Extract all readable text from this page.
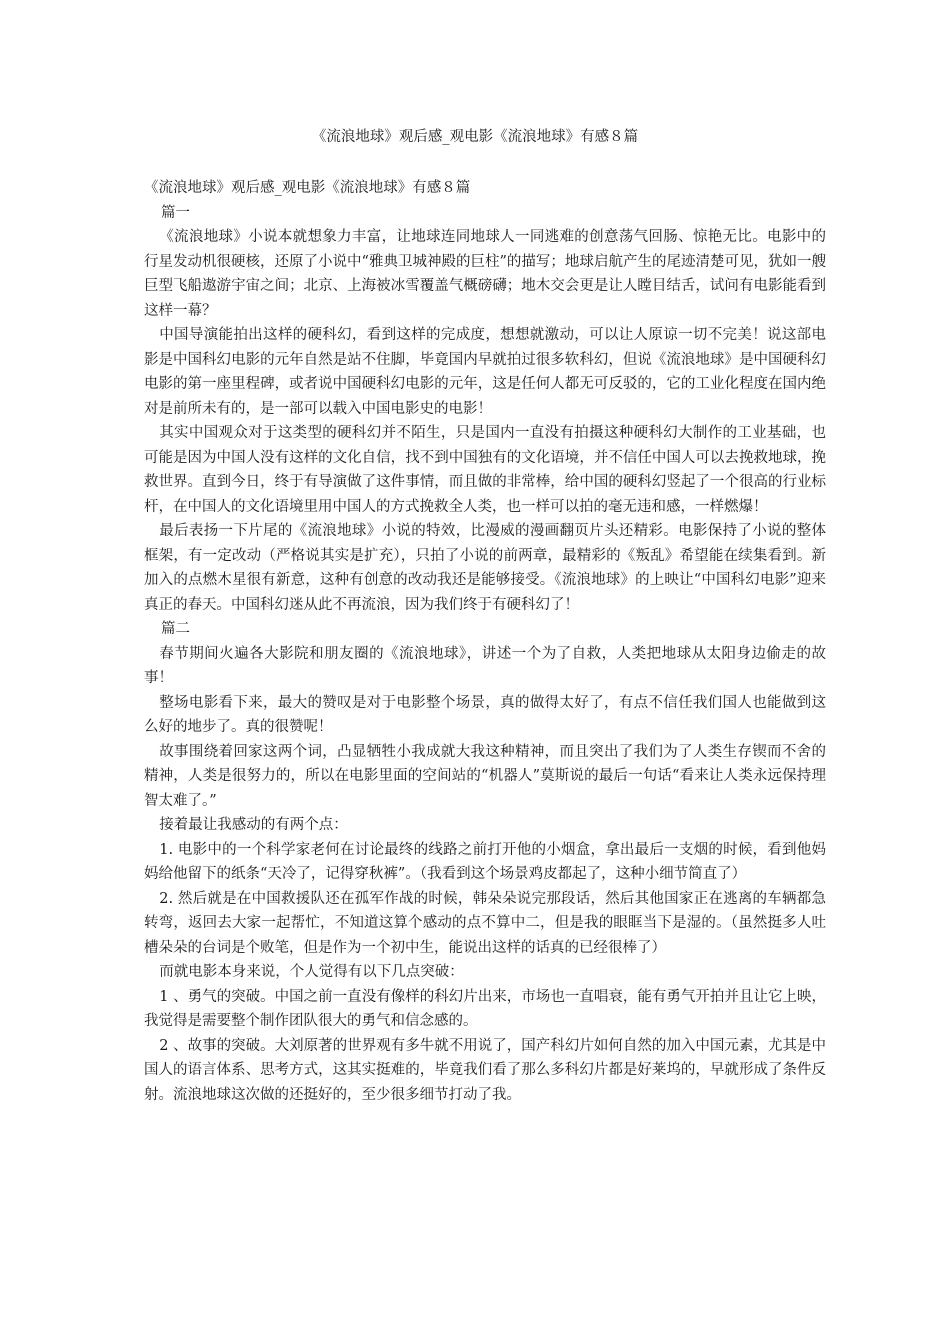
《流浪地球》观后感_观电影《流浪地球》有感８篇

《流浪地球》观后感_观电影《流浪地球》有感８篇

篇一

《流浪地球》小说本就想象力丰富，让地球连同地球人一同逃难的创意荡气回肠、惊艳无比。电影中的行星发动机很硬核，还原了小说中“雅典卫城神殿的巨柱”的描写；地球启航产生的尾迹清楚可见，犹如一艘巨型飞船遨游宇宙之间；北京、上海被冰雪覆盖气概磅礴；地木交会更是让人瞠目结舌，试问有电影能看到这样一幕？

中国导演能拍出这样的硬科幻，看到这样的完成度，想想就激动，可以让人原谅一切不完美！说这部电影是中国科幻电影的元年自然是站不住脚，毕竟国内早就拍过很多软科幻，但说《流浪地球》是中国硬科幻电影的第一座里程碑，或者说中国硬科幻电影的元年，这是任何人都无可反驳的，它的工业化程度在国内绝对是前所未有的，是一部可以载入中国电影史的电影！

其实中国观众对于这类型的硬科幻并不陌生，只是国内一直没有拍摄这种硬科幻大制作的工业基础，也可能是因为中国人没有这样的文化自信，找不到中国独有的文化语境，并不信任中国人可以去挽救地球，挽救世界。直到今日，终于有导演做了这件事情，而且做的非常棒，给中国的硬科幻竖起了一个很高的行业标杆，在中国人的文化语境里用中国人的方式挽救全人类，也一样可以拍的毫无违和感，一样燃爆！

最后表扬一下片尾的《流浪地球》小说的特效，比漫威的漫画翻页片头还精彩。电影保持了小说的整体框架，有一定改动（严格说其实是扩充），只拍了小说的前两章，最精彩的《叛乱》希望能在续集看到。新加入的点燃木星很有新意，这种有创意的改动我还是能够接受。《流浪地球》的上映让“中国科幻电影”迎来真正的春天。中国科幻迷从此不再流浪，因为我们终于有硬科幻了！

篇二

春节期间火遍各大影院和朋友圈的《流浪地球》，讲述一个为了自救，人类把地球从太阳身边偷走的故事！

整场电影看下来，最大的赞叹是对于电影整个场景，真的做得太好了，有点不信任我们国人也能做到这么好的地步了。真的很赞呢！

故事围绕着回家这两个词，凸显牺牲小我成就大我这种精神，而且突出了我们为了人类生存锲而不舍的精神，人类是很努力的，所以在电影里面的空间站的“机器人”莫斯说的最后一句话“看来让人类永远保持理智太难了。”

接着最让我感动的有两个点：

1. 电影中的一个科学家老何在讨论最终的线路之前打开他的小烟盒，拿出最后一支烟的时候，看到他妈妈给他留下的纸条“天冷了，记得穿秋裤”。（我看到这个场景鸡皮都起了，这种小细节简直了）

2. 然后就是在中国救援队还在孤军作战的时候，韩朵朵说完那段话，然后其他国家正在逃离的车辆都急转弯，返回去大家一起帮忙，不知道这算个感动的点不算中二，但是我的眼眶当下是湿的。（虽然挺多人吐槽朵朵的台词是个败笔，但是作为一个初中生，能说出这样的话真的已经很棒了）

而就电影本身来说，个人觉得有以下几点突破：

1 、勇气的突破。中国之前一直没有像样的科幻片出来，市场也一直唱衰，能有勇气开拍并且让它上映，我觉得是需要整个制作团队很大的勇气和信念感的。

2 、故事的突破。大刘原著的世界观有多牛就不用说了，国产科幻片如何自然的加入中国元素，尤其是中国人的语言体系、思考方式，这其实挺难的，毕竟我们看了那么多科幻片都是好莱坞的，早就形成了条件反射。流浪地球这次做的还挺好的，至少很多细节打动了我。
